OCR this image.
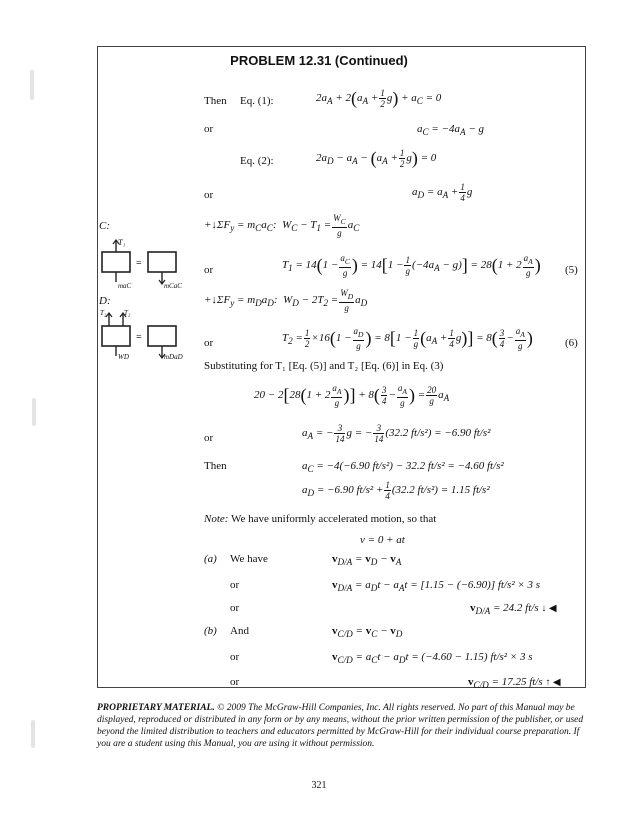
PROBLEM 12.31 (Continued)
Then Eq. (1):	$2a_A + 2(a_A + \frac{1}{2} g) + a_C = 0$
or	$a_C = -4a_A - g$
Eq. (2):	$2a_D - a_A - (a_A + \frac{1}{2} g) = 0$
or	$a_D = a_A + \frac{1}{4}$ g
C:	$+↓\Sigma F_y = m_Ca_C$:  $W_C - T_1 = \frac{W_C}{g} a_C$
=
T₁
maC	mCaC
or	$T_1 = 14(1 - \frac{a_C}{g}$ ) = $14[1 - \frac{1}{g} (-4a_A - g)] = 28(1 + 2 \frac{a_A}{g}$ ) (5)
D:	$+↓\Sigma F_y = m_Da_D$:  $W_D - 2T_2 = \frac{W_D}{g} a_D$
=
T₂	T₂
WD	mDaD
or	$T_2 = \frac{1}{2} \times 16(1 - \frac{a_D}{g}$ ) = $8[1 - \frac{1}{g} (a_A + \frac{1}{4} g)] = 8( \frac{3}{4} - \frac{a_A}{g}$ )	(6)
Substituting for T₁ [Eq. (5)] and T₂ [Eq. (6)] in Eq. (3)
$20 - 2[28(1 + 2 \frac{a_A}{g}$ )] + $8( \frac{3}{4} - \frac{a_A}{g}$ ) = $\frac{20}{g} a_A$
or	$a_A$ = − $\frac{3}{14}$ g = − $\frac{3}{14} (32.2$ ft/s²) = −6.90 ft/s²
Then	$a_C = -4(-6.90$ ft/s²) − 32.2 ft/s² = −4.60 ft/s²
$a_D = -6.90$ $ft/s^2 + \frac{1}{4} (32.2$ ft/s²) = 1.15 ft/s²
Note: We have uniformly accelerated motion, so that
v = 0 + at
(a) We have	$v_{D/A} = v_D - v_A$
or	$v_{D/A} = a_Dt - a_At = [1.15 - (-6.90)] ft/s^2 \times 3$ s
or	$v_{D/A} = 24.2$ ft/s ↓ ◀
(b) And	$v_{C/D} = v_C - v_D$
or	$v_{C/D} = a_Ct - a_Dt = (-4.60 - 1.15) ft/s^2 \times 3$ s
or	$v_{C/D} = 17.25$ ft/s ↑ ◀
PROPRIETARY MATERIAL. © 2009 The McGraw-Hill Companies, Inc. All rights reserved. No part of this Manual may be displayed, reproduced or distributed in any form or by any means, without the prior written permission of the publisher, or used beyond the limited distribution to teachers and educators permitted by McGraw-Hill for their individual course preparation. If you are a student using this Manual, you are using it without permission.
321
